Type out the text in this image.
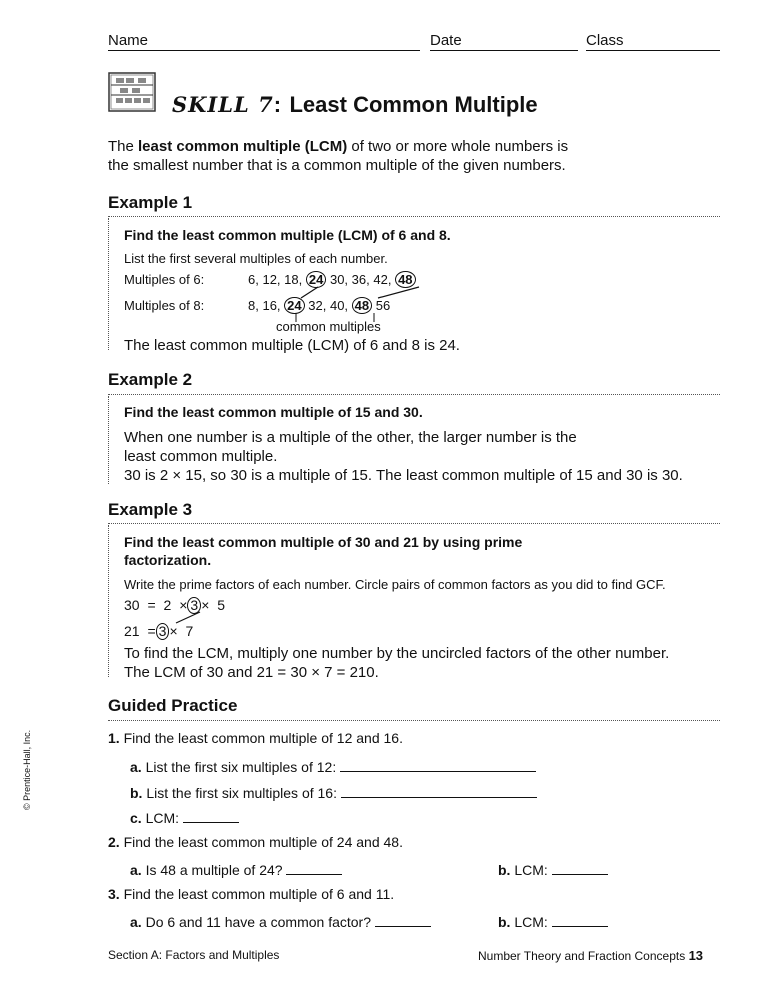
Name	Date	Class
SKILL 7: Least Common Multiple
The least common multiple (LCM) of two or more whole numbers is
the smallest number that is a common multiple of the given numbers.
Example 1
Find the least common multiple (LCM) of 6 and 8.
List the first several multiples of each number.
Multiples of 6:	6, 12, 18, 24 30, 36, 42, 48
Multiples of 8:	8, 16, 24 32, 40, 48 56
common multiples
The least common multiple (LCM) of 6 and 8 is 24.
Example 2
Find the least common multiple of 15 and 30.
When one number is a multiple of the other, the larger number is the
least common multiple.
30 is 2 × 15, so 30 is a multiple of 15. The least common multiple of 15 and 30 is 30.
Example 3
Find the least common multiple of 30 and 21 by using prime
factorization.
Write the prime factors of each number. Circle pairs of common factors as you did to find GCF.
30 = 2 × 3 × 5
21 = 3 × 7
To find the LCM, multiply one number by the uncircled factors of the other number.
The LCM of 30 and 21 = 30 × 7 = 210.
Guided Practice
1. Find the least common multiple of 12 and 16.
a. List the first six multiples of 12:
b. List the first six multiples of 16:
c. LCM:
2. Find the least common multiple of 24 and 48.
a. Is 48 a multiple of 24?	b. LCM:
3. Find the least common multiple of 6 and 11.
a. Do 6 and 11 have a common factor?	b. LCM:
© Prentice-Hall, Inc.
Section A: Factors and Multiples	Number Theory and Fraction Concepts 13
